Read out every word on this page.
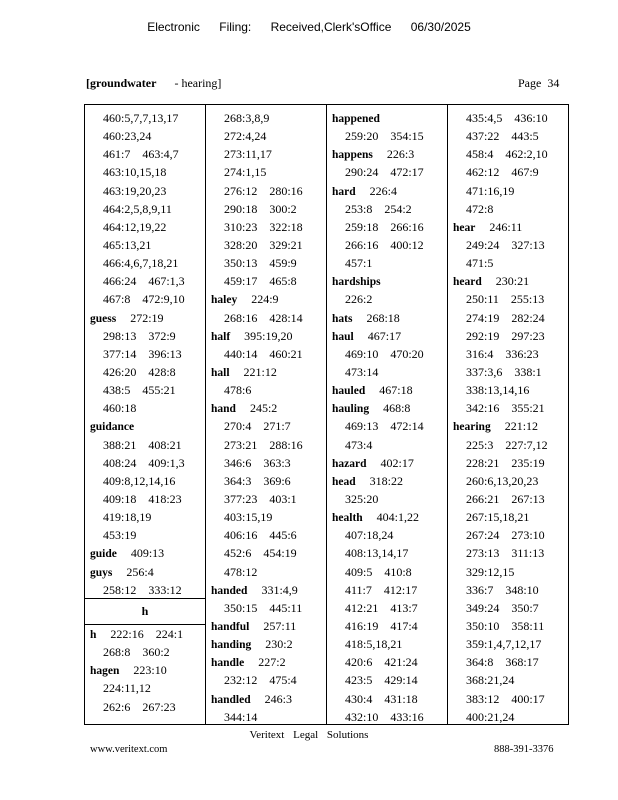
Electronic Filing: Received,Clerk'sOffice 06/30/2025
[groundwater - hearing]	Page 34
460:5,7,7,13,17
460:23,24
461:7 463:4,7
463:10,15,18
463:19,20,23
464:2,5,8,9,11
464:12,19,22
465:13,21
466:4,6,7,18,21
466:24 467:1,3
467:8 472:9,10
guess 272:19
298:13 372:9
377:14 396:13
426:20 428:8
438:5 455:21
460:18
guidance
388:21 408:21
408:24 409:1,3
409:8,12,14,16
409:18 418:23
419:18,19
453:19
guide 409:13
guys 256:4
258:12 333:12
h
h 222:16 224:1
268:8 360:2
hagen 223:10
224:11,12
262:6 267:23
268:3,8,9
272:4,24
273:11,17
274:1,15
276:12 280:16
290:18 300:2
310:23 322:18
328:20 329:21
350:13 459:9
459:17 465:8
haley 224:9
268:16 428:14
half 395:19,20
440:14 460:21
hall 221:12
478:6
hand 245:2
270:4 271:7
273:21 288:16
346:6 363:3
364:3 369:6
377:23 403:1
403:15,19
406:16 445:6
452:6 454:19
478:12
handed 331:4,9
350:15 445:11
handful 257:11
handing 230:2
handle 227:2
232:12 475:4
handled 246:3
344:14
happened
259:20 354:15
happens 226:3
290:24 472:17
hard 226:4
253:8 254:2
259:18 266:16
266:16 400:12
457:1
hardships
226:2
hats 268:18
haul 467:17
469:10 470:20
473:14
hauled 467:18
hauling 468:8
469:13 472:14
473:4
hazard 402:17
head 318:22
325:20
health 404:1,22
407:18,24
408:13,14,17
409:5 410:8
411:7 412:17
412:21 413:7
416:19 417:4
418:5,18,21
420:6 421:24
423:5 429:14
430:4 431:18
432:10 433:16
435:4,5 436:10
437:22 443:5
458:4 462:2,10
462:12 467:9
471:16,19
472:8
hear 246:11
249:24 327:13
471:5
heard 230:21
250:11 255:13
274:19 282:24
292:19 297:23
316:4 336:23
337:3,6 338:1
338:13,14,16
342:16 355:21
hearing 221:12
225:3 227:7,12
228:21 235:19
260:6,13,20,23
266:21 267:13
267:15,18,21
267:24 273:10
273:13 311:13
329:12,15
336:7 348:10
349:24 350:7
350:10 358:11
359:1,4,7,12,17
364:8 368:17
368:21,24
383:12 400:17
400:21,24
Veritext Legal Solutions
www.veritext.com	888-391-3376
